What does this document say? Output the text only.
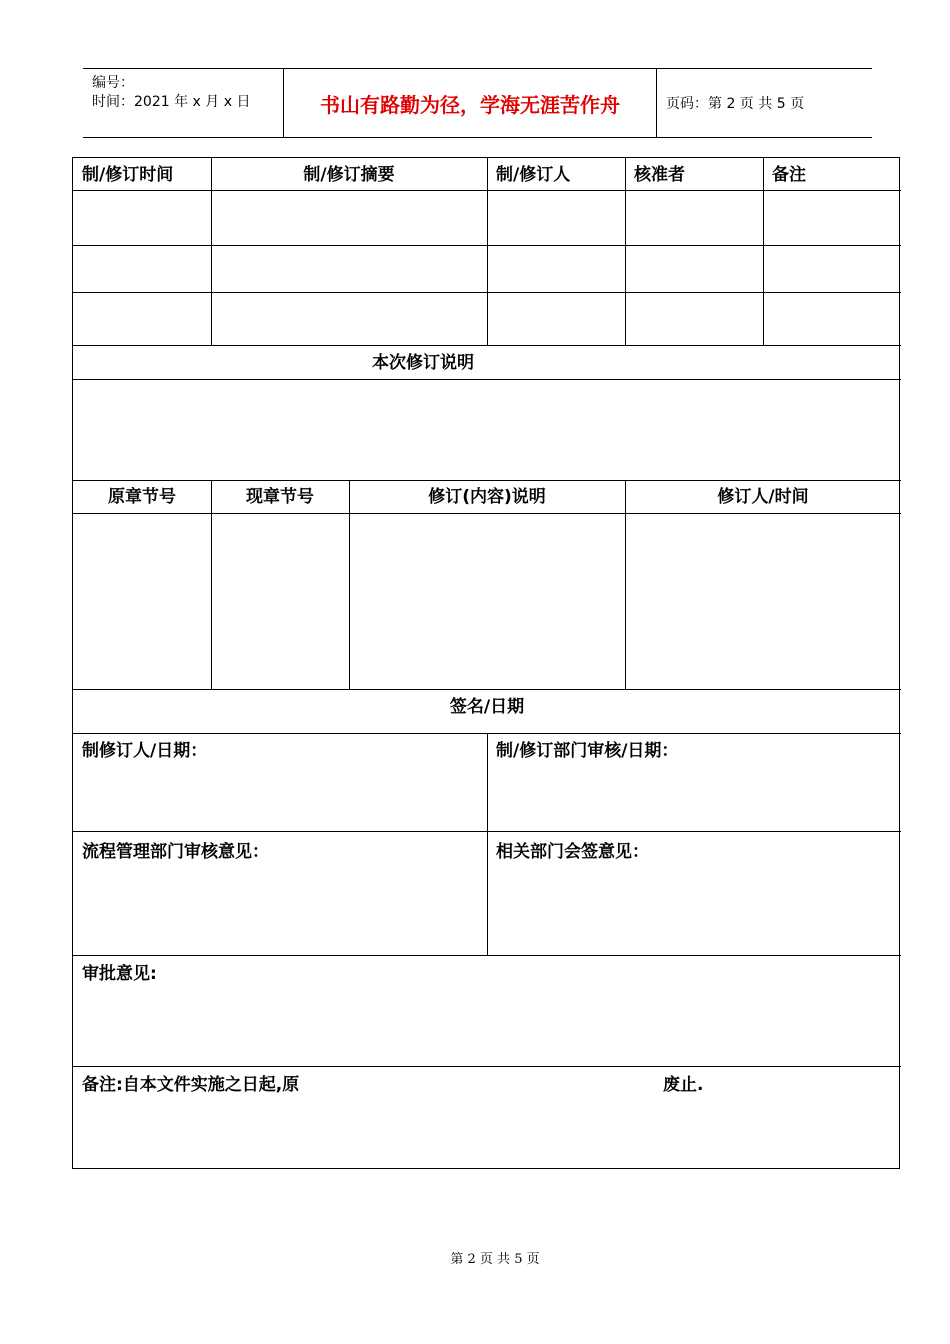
编号：
时间：2021 年 x 月 x 日	书山有路勤为径，学海无涯苦作舟	页码：第 2 页 共 5 页
制/修订时间	制/修订摘要	制/修订人	核准者	备注
本次修订说明
原章节号	现章节号	修订(内容)说明	修订人/时间
签名/日期
制修订人/日期：	制/修订部门审核/日期：
流程管理部门审核意见：	相关部门会签意见：
审批意见:
备注:自本文件实施之日起,原	废止.
第 2 页 共 5 页
